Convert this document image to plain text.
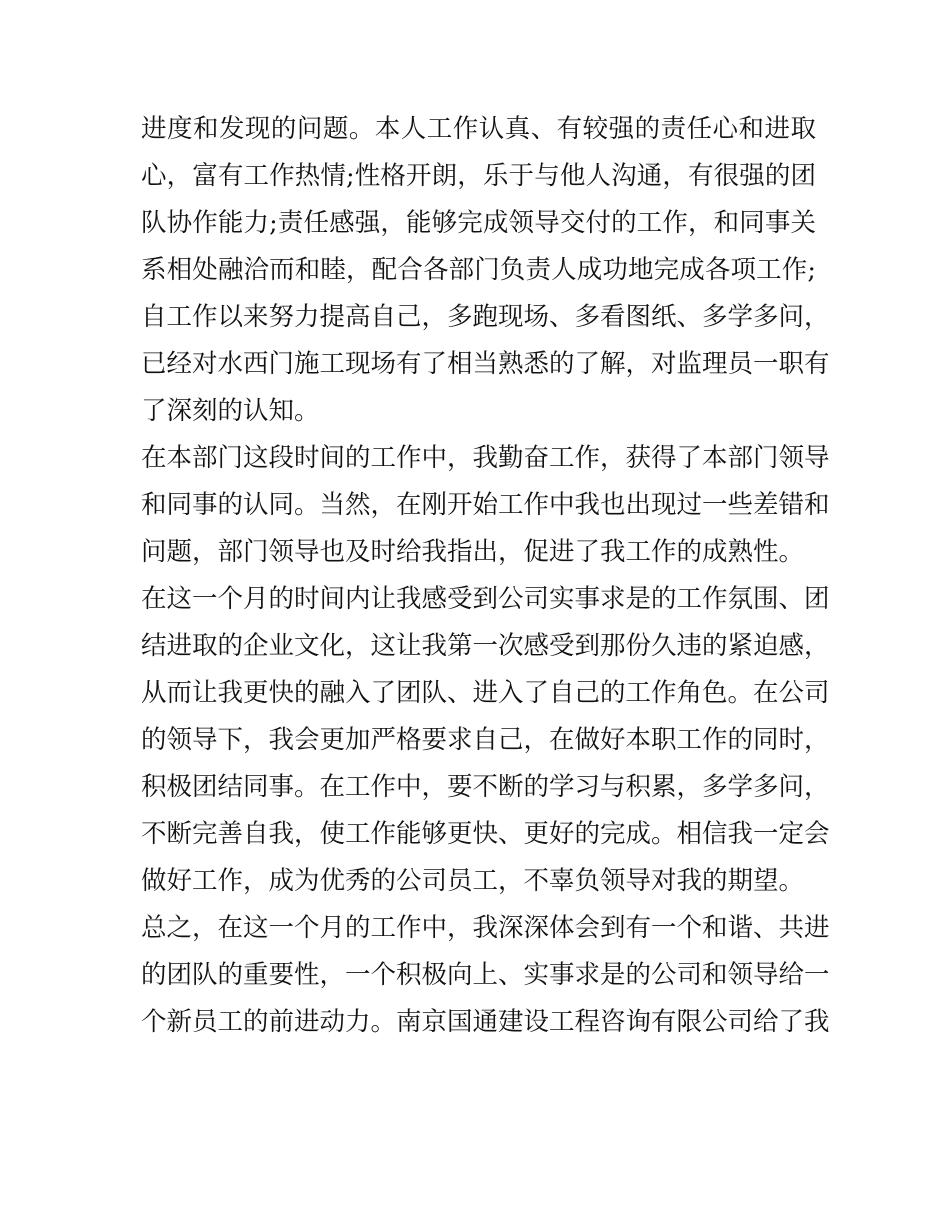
进度和发现的问题。本人工作认真、有较强的责任心和进取
心，富有工作热情;性格开朗，乐于与他人沟通，有很强的团
队协作能力;责任感强，能够完成领导交付的工作，和同事关
系相处融洽而和睦，配合各部门负责人成功地完成各项工作;
自工作以来努力提高自己，多跑现场、多看图纸、多学多问，
已经对水西门施工现场有了相当熟悉的了解，对监理员一职有
了深刻的认知。
在本部门这段时间的工作中，我勤奋工作，获得了本部门领导
和同事的认同。当然，在刚开始工作中我也出现过一些差错和
问题，部门领导也及时给我指出，促进了我工作的成熟性。
在这一个月的时间内让我感受到公司实事求是的工作氛围、团
结进取的企业文化，这让我第一次感受到那份久违的紧迫感，
从而让我更快的融入了团队、进入了自己的工作角色。在公司
的领导下，我会更加严格要求自己，在做好本职工作的同时，
积极团结同事。在工作中，要不断的学习与积累，多学多问，
不断完善自我，使工作能够更快、更好的完成。相信我一定会
做好工作，成为优秀的公司员工，不辜负领导对我的期望。
总之，在这一个月的工作中，我深深体会到有一个和谐、共进
的团队的重要性，一个积极向上、实事求是的公司和领导给一
个新员工的前进动力。南京国通建设工程咨询有限公司给了我
